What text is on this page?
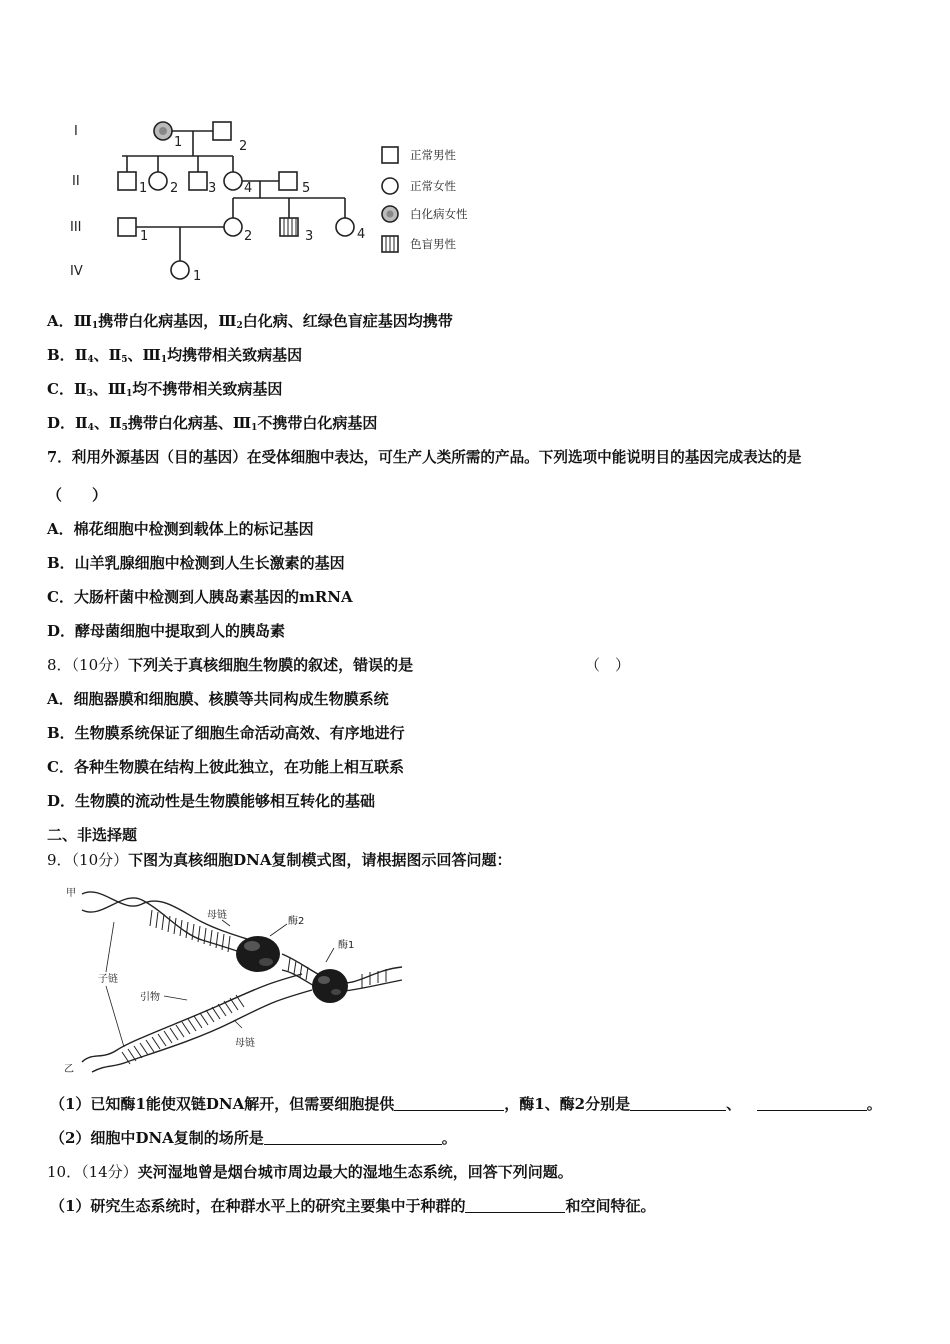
I
II
III
IV
1	2
1 2 3 4	5
1	2	3	4
1
正常男性
正常女性
白化病女性
色盲男性
A．$Ⅲ_1$携带白化病基因，$Ⅲ_2$白化病、红绿色盲症基因均携带
B．$Ⅱ_4$、$Ⅱ_5$、$Ⅲ_1$均携带相关致病基因
C．$Ⅱ_3$、$Ⅲ_1$均不携带相关致病基因
D．$Ⅱ_4$、$Ⅱ_5$携带白化病基、$Ⅲ_1$不携带白化病基因
7．利用外源基因（目的基因）在受体细胞中表达，可生产人类所需的产品。下列选项中能说明目的基因完成表达的是
（　　）
A．棉花细胞中检测到载体上的标记基因
B．山羊乳腺细胞中检测到人生长激素的基因
C．大肠杆菌中检测到人胰岛素基因的mRNA
D．酵母菌细胞中提取到人的胰岛素
8．（10分）下列关于真核细胞生物膜的叙述，错误的是	（　）
A．细胞器膜和细胞膜、核膜等共同构成生物膜系统
B．生物膜系统保证了细胞生命活动高效、有序地进行
C．各种生物膜在结构上彼此独立，在功能上相互联系
D．生物膜的流动性是生物膜能够相互转化的基础
二、非选择题
9．（10分）下图为真核细胞DNA复制模式图，请根据图示回答问题：
甲
乙
母链
母链
酶2
酶1
子链
引物
（1）已知酶1能使双链DNA解开，但需要细胞提供	，酶1、酶2分别是	、	。
（2）细胞中DNA复制的场所是	。
10．（14分）夹河湿地曾是烟台城市周边最大的湿地生态系统，回答下列问题。
（1）研究生态系统时，在种群水平上的研究主要集中于种群的	和空间特征。
